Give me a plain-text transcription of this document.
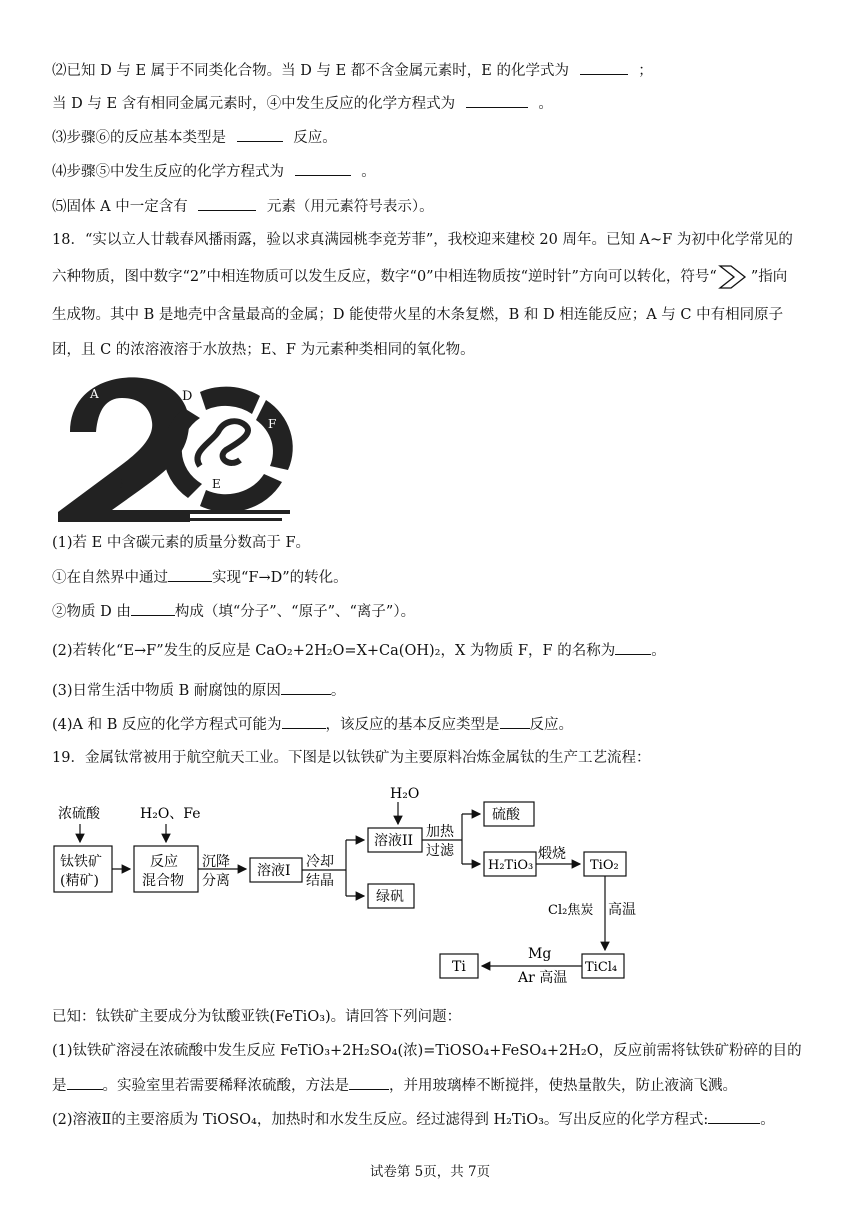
⑵已知 D 与 E 属于不同类化合物。当 D 与 E 都不含金属元素时，E 的化学式为	；
当 D 与 E 含有相同金属元素时，④中发生反应的化学方程式为	。
⑶步骤⑥的反应基本类型是	反应。
⑷步骤⑤中发生反应的化学方程式为	。
⑸固体 A 中一定含有	元素（用元素符号表示）。
18．“实以立人廿载春风播雨露，验以求真满园桃李竞芳菲”，我校迎来建校 20 周年。已知 A~F 为初中化学常见的
六种物质，图中数字“2”中相连物质可以发生反应，数字“0”中相连物质按“逆时针”方向可以转化，符号“ ”指向
生成物。其中 B 是地壳中含量最高的金属；D 能使带火星的木条复燃，B 和 D 相连能反应；A 与 C 中有相同原子
团，且 C 的浓溶液溶于水放热；E、F 为元素种类相同的氧化物。
A
B
C
D
F
E
(1)若 E 中含碳元素的质量分数高于 F。
①在自然界中通过	实现“F→D”的转化。
②物质 D 由	构成（填“分子”、“原子”、“离子”）。
(2)若转化“E→F”发生的反应是 CaO₂+2H₂O=X+Ca(OH)₂，X 为物质 F，F 的名称为 。
(3)日常生活中物质 B 耐腐蚀的原因	。
(4)A 和 B 反应的化学方程式可能为	，该反应的基本反应类型是 反应。
19．金属钛常被用于航空航天工业。下图是以钛铁矿为主要原料冶炼金属钛的生产工艺流程：
浓硫酸
钛铁矿
(精矿)
H₂O、Fe
反应
混合物
沉降
分离
溶液I
冷却
结晶
H₂O
溶液II
加热
过滤
硫酸
H₂TiO₃
煅烧
TiO₂
绿矾
Cl₂焦炭 高温
TiCl₄
Mg
Ar 高温
Ti
已知：钛铁矿主要成分为钛酸亚铁(FeTiO₃)。请回答下列问题：
(1)钛铁矿溶浸在浓硫酸中发生反应 FeTiO₃+2H₂SO₄(浓)=TiOSO₄+FeSO₄+2H₂O，反应前需将钛铁矿粉碎的目的
是 。实验室里若需要稀释浓硫酸，方法是	，并用玻璃棒不断搅拌，使热量散失，防止液滴飞溅。
(2)溶液Ⅱ的主要溶质为 TiOSO₄，加热时和水发生反应。经过滤得到 H₂TiO₃。写出反应的化学方程式:	。
试卷第 5页，共 7页
